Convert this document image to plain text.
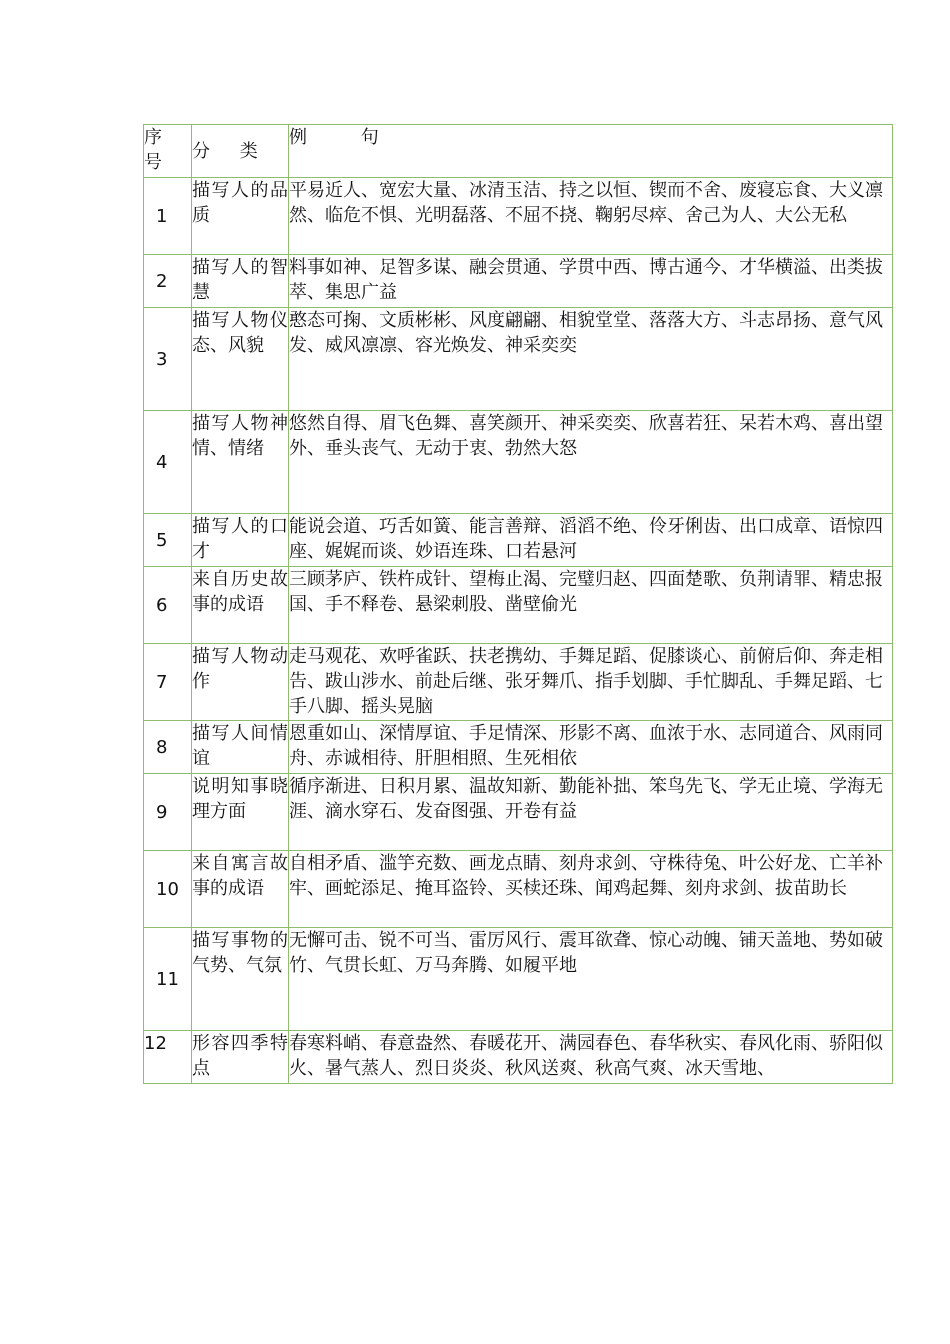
序号	分 类	例 句
1	描写人的品质	平易近人、宽宏大量、冰清玉洁、持之以恒、锲而不舍、废寝忘食、大义凛然、临危不惧、光明磊落、不屈不挠、鞠躬尽瘁、舍己为人、大公无私

2	描写人的智慧	料事如神、足智多谋、融会贯通、学贯中西、博古通今、才华横溢、出类拔萃、集思广益

3	描写人物仪态、风貌	憨态可掬、文质彬彬、风度翩翩、相貌堂堂、落落大方、斗志昂扬、意气风发、威风凛凛、容光焕发、神采奕奕

4	描写人物神情、情绪	悠然自得、眉飞色舞、喜笑颜开、神采奕奕、欣喜若狂、呆若木鸡、喜出望外、垂头丧气、无动于衷、勃然大怒

5	描写人的口才	能说会道、巧舌如簧、能言善辩、滔滔不绝、伶牙俐齿、出口成章、语惊四座、娓娓而谈、妙语连珠、口若悬河

6	来自历史故事的成语	三顾茅庐、铁杵成针、望梅止渴、完璧归赵、四面楚歌、负荆请罪、精忠报国、手不释卷、悬梁刺股、凿壁偷光

7	描写人物动作	走马观花、欢呼雀跃、扶老携幼、手舞足蹈、促膝谈心、前俯后仰、奔走相告、跋山涉水、前赴后继、张牙舞爪、指手划脚、手忙脚乱、手舞足蹈、七手八脚、摇头晃脑

8	描写人间情谊	恩重如山、深情厚谊、手足情深、形影不离、血浓于水、志同道合、风雨同舟、赤诚相待、肝胆相照、生死相依

9	说明知事晓理方面	循序渐进、日积月累、温故知新、勤能补拙、笨鸟先飞、学无止境、学海无涯、滴水穿石、发奋图强、开卷有益

10	来自寓言故事的成语	自相矛盾、滥竽充数、画龙点睛、刻舟求剑、守株待兔、叶公好龙、亡羊补牢、画蛇添足、掩耳盗铃、买椟还珠、闻鸡起舞、刻舟求剑、拔苗助长

11	描写事物的气势、气氛	无懈可击、锐不可当、雷厉风行、震耳欲聋、惊心动魄、铺天盖地、势如破竹、气贯长虹、万马奔腾、如履平地

12	形容四季特点	春寒料峭、春意盎然、春暖花开、满园春色、春华秋实、春风化雨、骄阳似火、暑气蒸人、烈日炎炎、秋风送爽、秋高气爽、冰天雪地、
